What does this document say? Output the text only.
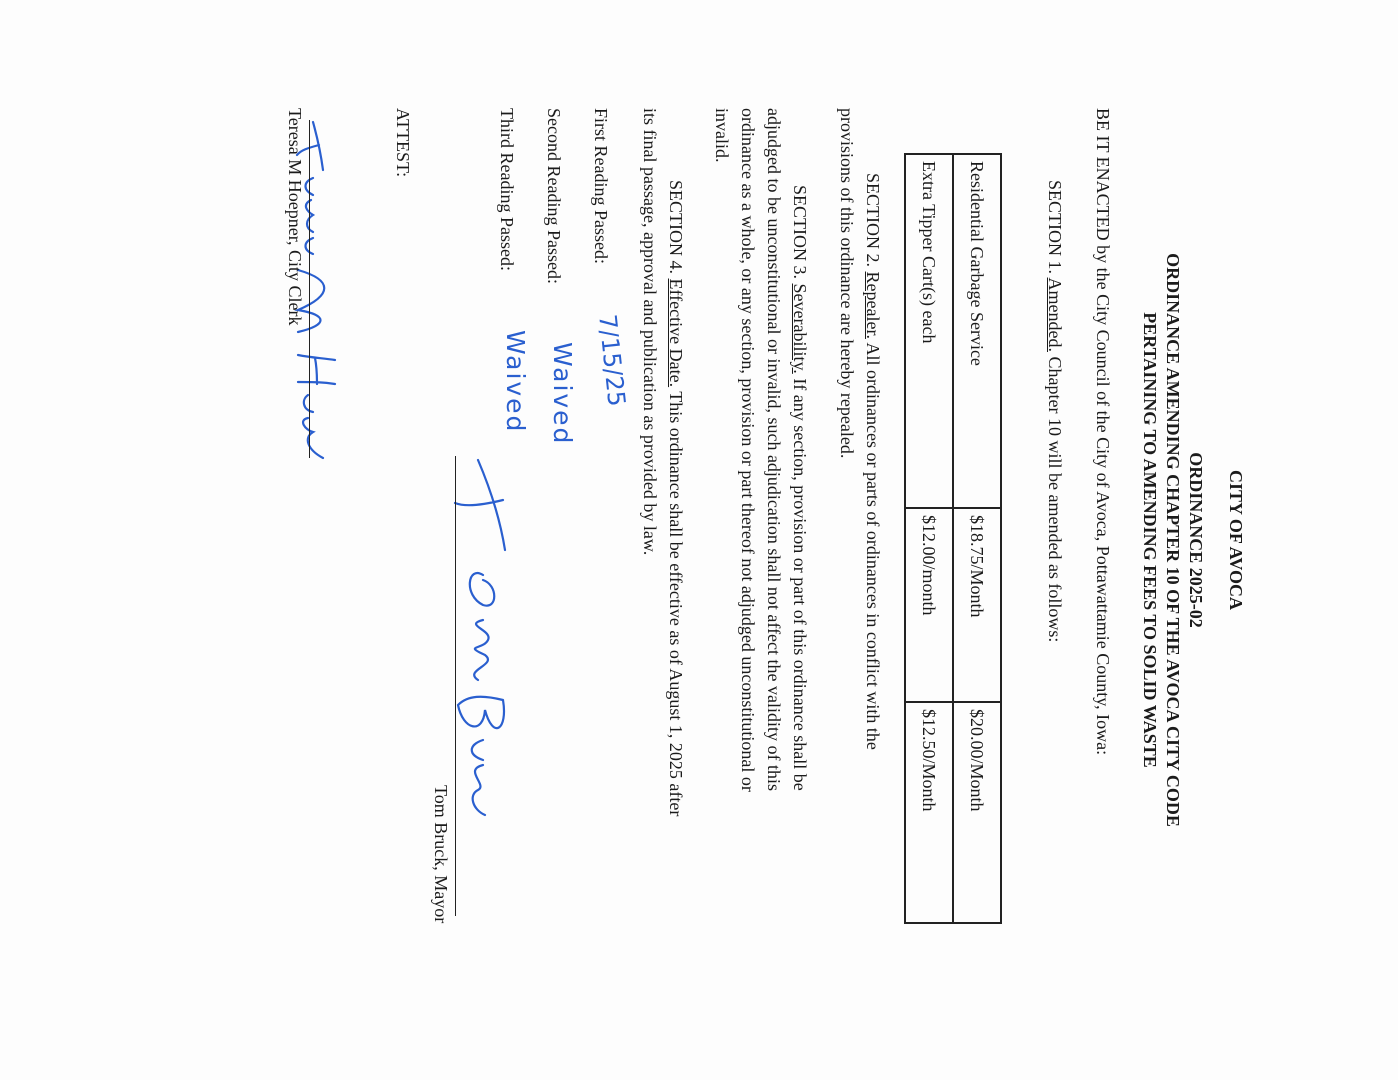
CITY OF AVOCA

ORDINANCE 2025-02

ORDINANCE AMENDING CHAPTER 10 OF THE AVOCA CITY CODE

PERTAINING TO AMENDING FEES TO SOLID WASTE

BE IT ENACTED by the City Council of the City of Avoca, Pottawattamie County, Iowa:

SECTION 1. Amended. Chapter 10 will be amended as follows:

Residential Garbage Service	$18.75/Month	$20.00/Month
Extra Tipper Cart(s) each	$12.00/month	$12.50/Month

SECTION 2. Repealer. All ordinances or parts of ordinances in conflict with the

provisions of this ordinance are hereby repealed.

SECTION 3. Severability. If any section, provision or part of this ordinance shall be

adjudged to be unconstitutional or invalid, such adjudication shall not affect the validity of this

ordinance as a whole, or any section, provision or part thereof not adjudged unconstitutional or

invalid.

SECTION 4. Effective Date. This ordinance shall be effective as of August 1, 2025 after

its final passage, approval and publication as provided by law.

First Reading Passed:

7/15/25

Second Reading Passed:

Waived

Third Reading Passed:

Waived

Tom Bruck, Mayor

ATTEST:

Teresa M Hoepner, City Clerk
